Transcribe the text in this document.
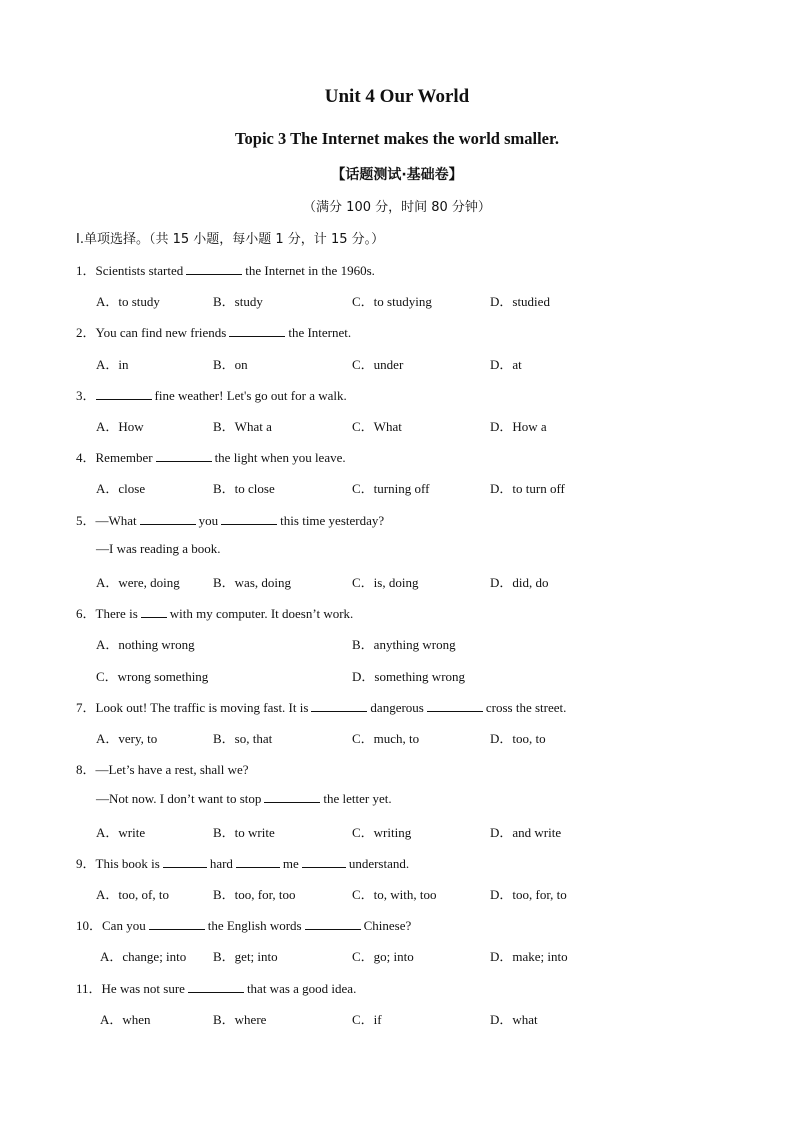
Unit 4 Our World
Topic 3 The Internet makes the world smaller.
【话题测试·基础卷】
（满分 100 分，时间 80 分钟）
I.单项选择。（共 15 小题，每小题 1 分，计 15 分。）
1．Scientists started	the Internet in the 1960s.
A．to study	B．study	C．to studying	D．studied
2．You can find new friends	the Internet.
A．in	B．on	C．under	D．at
3．	fine weather! Let's go out for a walk.
A．How	B．What a	C．What	D．How a
4．Remember	the light when you leave.
A．close	B．to close	C．turning off	D．to turn off
5．—What	you	this time yesterday?
—I was reading a book.
A．were, doing	B．was, doing	C．is, doing	D．did, do
6．There is with my computer. It doesn’t work.
A．nothing wrong	B．anything wrong
C．wrong something	D．something wrong
7．Look out! The traffic is moving fast. It is	dangerous	cross the street.
A．very, to	B．so, that	C．much, to	D．too, to
8．—Let’s have a rest, shall we?
—Not now. I don’t want to stop	the letter yet.
A．write	B．to write	C．writing	D．and write
9．This book is	hard	me	understand.
A．too, of, to	B．too, for, too	C．to, with, too	D．too, for, to
10．Can you	the English words	Chinese?
A．change; into B．get; into	C．go; into	D．make; into
11．He was not sure	that was a good idea.
A．when	B．where	C．if	D．what
